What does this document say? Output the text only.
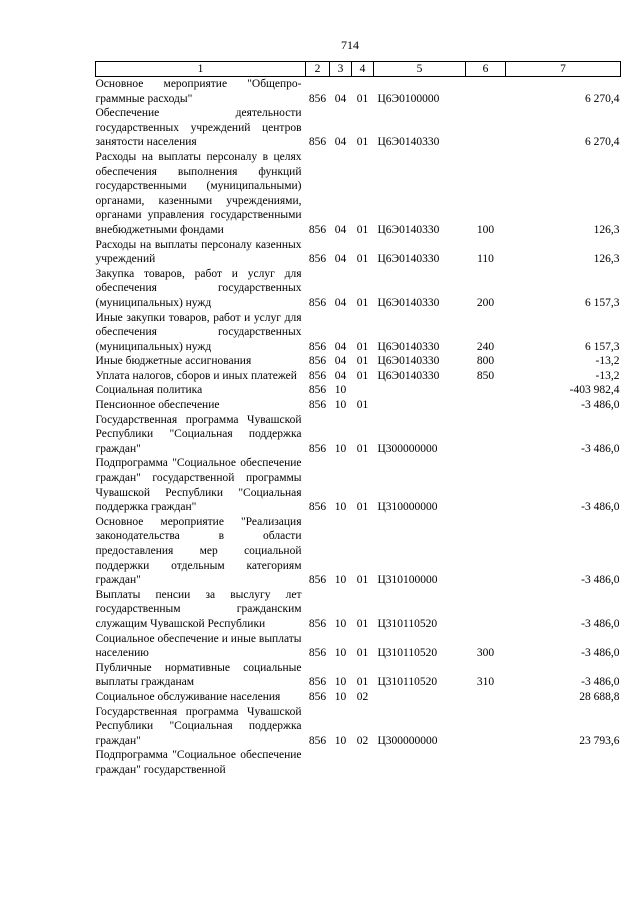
714
1	2	3	4	5	6	7
Основное мероприятие "Общепро-граммные расходы"	856	04	01	Ц6Э0100000		6 270,4
Обеспечение деятельности государственных учреждений центров занятости населения	856	04	01	Ц6Э0140330		6 270,4
Расходы на выплаты персоналу в целях обеспечения выполнения функций государственными (муниципальными) органами, казенными учреждениями, органами управления государственными внебюджетными фондами	856	04	01	Ц6Э0140330	100	126,3
Расходы на выплаты персоналу казенных учреждений	856	04	01	Ц6Э0140330	110	126,3
Закупка товаров, работ и услуг для обеспечения государственных (муниципальных) нужд	856	04	01	Ц6Э0140330	200	6 157,3
Иные закупки товаров, работ и услуг для обеспечения государственных (муниципальных) нужд	856	04	01	Ц6Э0140330	240	6 157,3
Иные бюджетные ассигнования	856	04	01	Ц6Э0140330	800	-13,2
Уплата налогов, сборов и иных платежей	856	04	01	Ц6Э0140330	850	-13,2
Социальная политика	856	10				-403 982,4
Пенсионное обеспечение	856	10	01			-3 486,0
Государственная программа Чувашской Республики "Социальная поддержка граждан"	856	10	01	Ц300000000		-3 486,0
Подпрограмма "Социальное обеспечение граждан" государственной программы Чувашской Республики "Социальная поддержка граждан"	856	10	01	Ц310000000		-3 486,0
Основное мероприятие "Реализация законодательства в области предоставления мер социальной поддержки отдельным категориям граждан"	856	10	01	Ц310100000		-3 486,0
Выплаты пенсии за выслугу лет государственным гражданским служащим Чувашской Республики	856	10	01	Ц310110520		-3 486,0
Социальное обеспечение и иные выплаты населению	856	10	01	Ц310110520	300	-3 486,0
Публичные нормативные социальные выплаты гражданам	856	10	01	Ц310110520	310	-3 486,0
Социальное обслуживание населения	856	10	02			28 688,8
Государственная программа Чувашской Республики "Социальная поддержка граждан"	856	10	02	Ц300000000		23 793,6
Подпрограмма "Социальное обеспечение граждан" государственной						
